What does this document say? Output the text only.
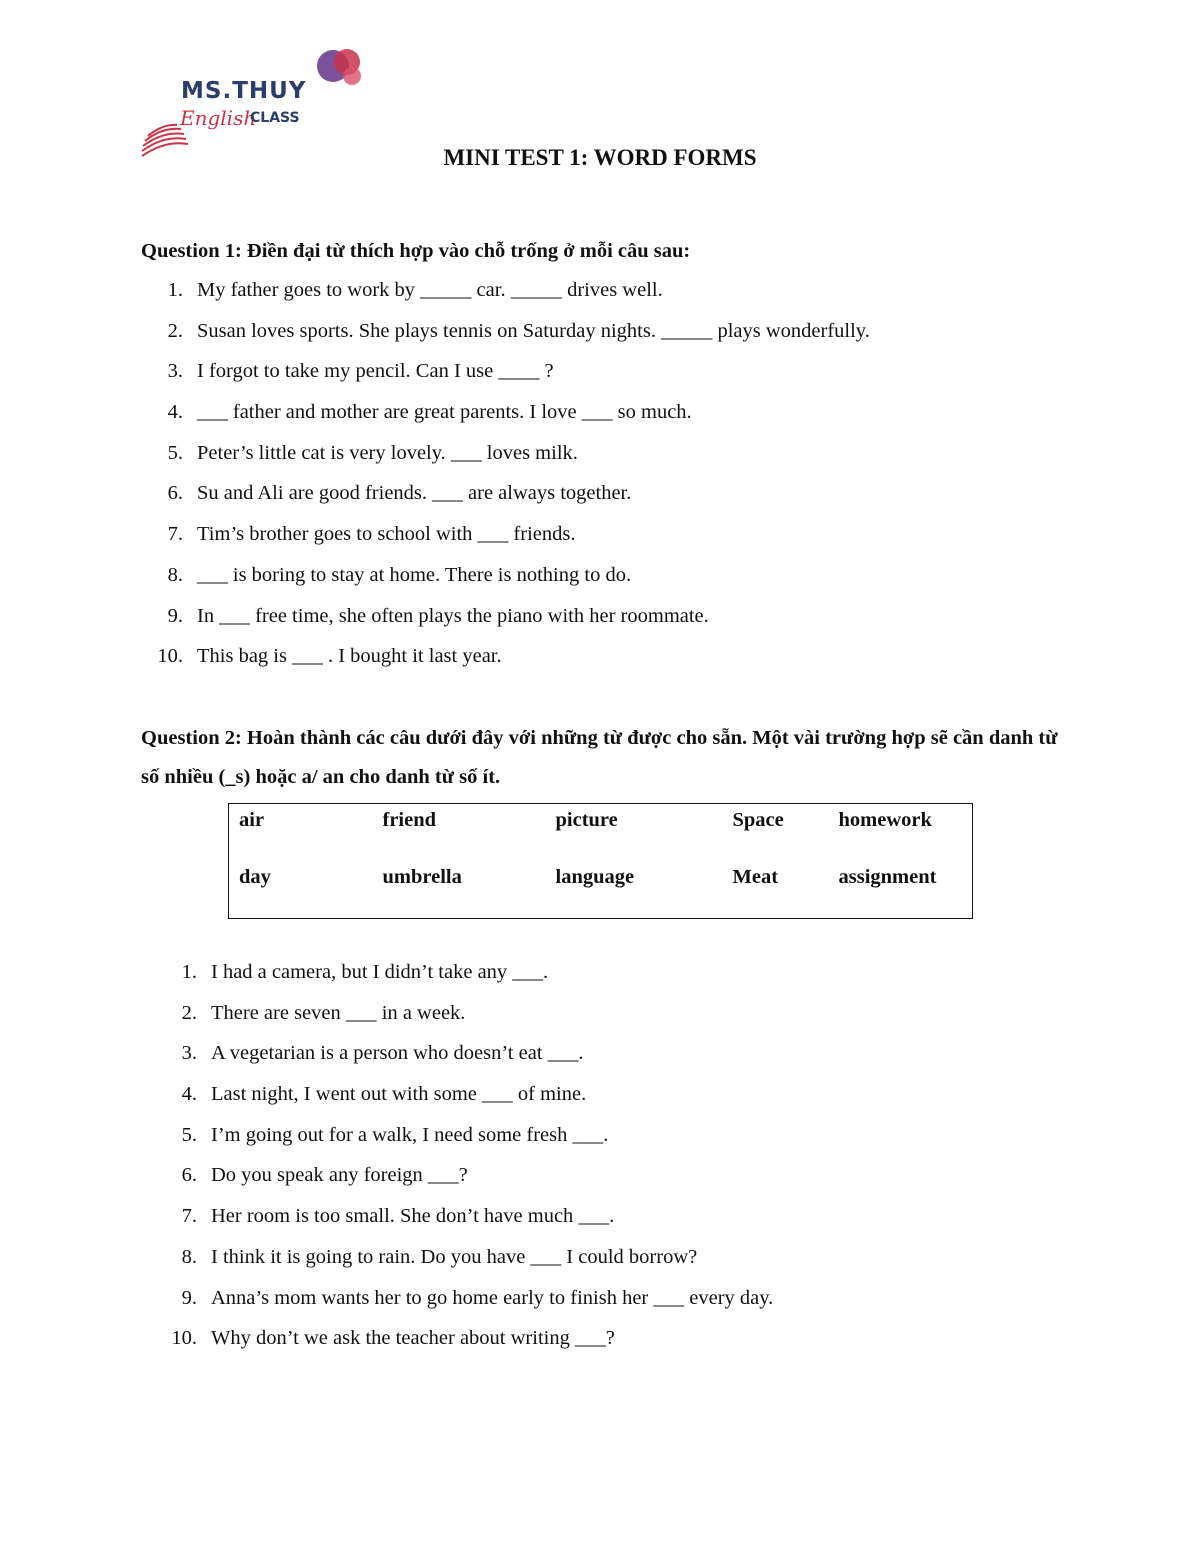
MS.THUY
English
CLASS
MINI TEST 1: WORD FORMS
Question 1: Điền đại từ thích hợp vào chỗ trống ở mỗi câu sau:
1. My father goes to work by _____ car. _____ drives well.
2. Susan loves sports. She plays tennis on Saturday nights. _____ plays wonderfully.
3. I forgot to take my pencil. Can I use ____ ?
4. ___ father and mother are great parents. I love ___ so much.
5. Peter’s little cat is very lovely. ___ loves milk.
6. Su and Ali are good friends. ___ are always together.
7. Tim’s brother goes to school with ___ friends.
8. ___ is boring to stay at home. There is nothing to do.
9. In ___ free time, she often plays the piano with her roommate.
10. This bag is ___ . I bought it last year.
Question 2: Hoàn thành các câu dưới đây với những từ được cho sẵn. Một vài trường hợp sẽ cần danh từ số nhiều (_s) hoặc a/ an cho danh từ số ít.
air	friend	picture	Space	homework
day	umbrella	language	Meat	assignment
1. I had a camera, but I didn’t take any ___.
2. There are seven ___ in a week.
3. A vegetarian is a person who doesn’t eat ___.
4. Last night, I went out with some ___ of mine.
5. I’m going out for a walk, I need some fresh ___.
6. Do you speak any foreign ___?
7. Her room is too small. She don’t have much ___.
8. I think it is going to rain. Do you have ___ I could borrow?
9. Anna’s mom wants her to go home early to finish her ___ every day.
10. Why don’t we ask the teacher about writing ___?
